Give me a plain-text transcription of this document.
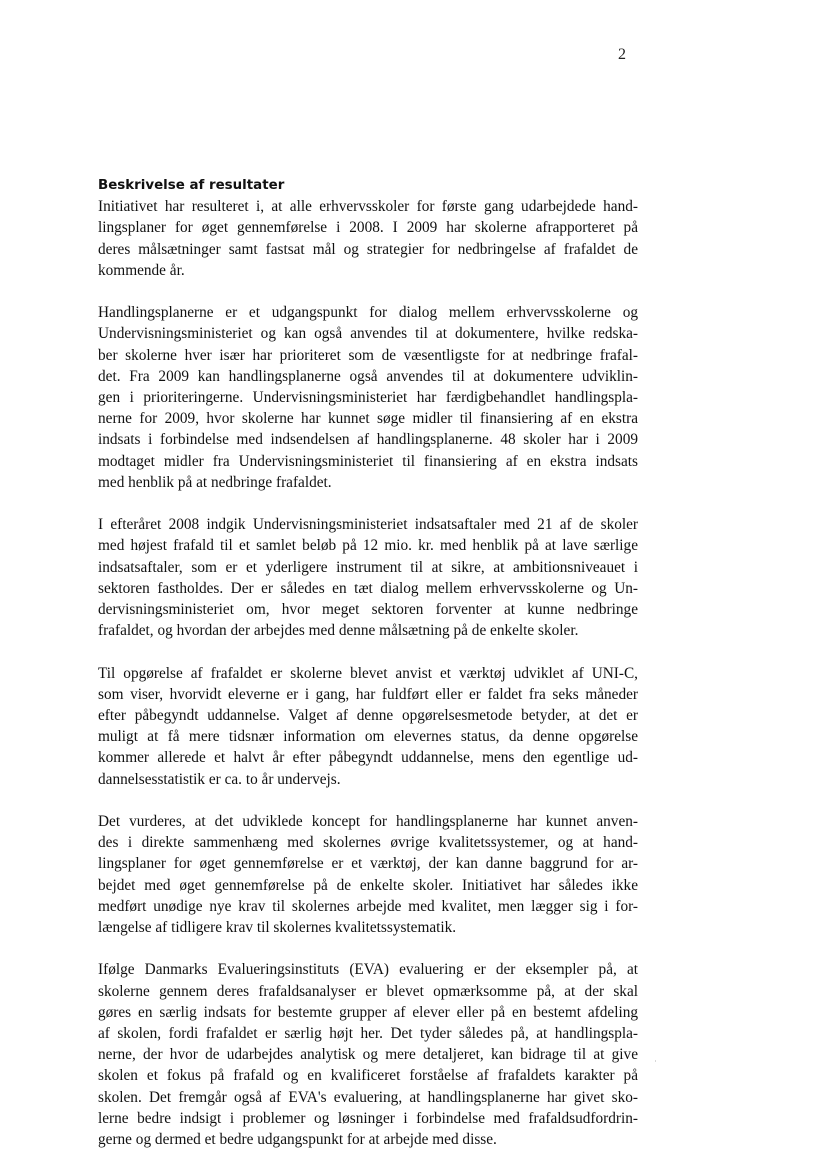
2
Beskrivelse af resultater
Initiativet har resulteret i, at alle erhvervsskoler for første gang udarbejdede hand-
lingsplaner for øget gennemførelse i 2008. I 2009 har skolerne afrapporteret på
deres målsætninger samt fastsat mål og strategier for nedbringelse af frafaldet de
kommende år.
Handlingsplanerne er et udgangspunkt for dialog mellem erhvervsskolerne og
Undervisningsministeriet og kan også anvendes til at dokumentere, hvilke redska-
ber skolerne hver især har prioriteret som de væsentligste for at nedbringe frafal-
det. Fra 2009 kan handlingsplanerne også anvendes til at dokumentere udviklin-
gen i prioriteringerne. Undervisningsministeriet har færdigbehandlet handlingspla-
nerne for 2009, hvor skolerne har kunnet søge midler til finansiering af en ekstra
indsats i forbindelse med indsendelsen af handlingsplanerne. 48 skoler har i 2009
modtaget midler fra Undervisningsministeriet til finansiering af en ekstra indsats
med henblik på at nedbringe frafaldet.
I efteråret 2008 indgik Undervisningsministeriet indsatsaftaler med 21 af de skoler
med højest frafald til et samlet beløb på 12 mio. kr. med henblik på at lave særlige
indsatsaftaler, som er et yderligere instrument til at sikre, at ambitionsniveauet i
sektoren fastholdes. Der er således en tæt dialog mellem erhvervsskolerne og Un-
dervisningsministeriet om, hvor meget sektoren forventer at kunne nedbringe
frafaldet, og hvordan der arbejdes med denne målsætning på de enkelte skoler.
Til opgørelse af frafaldet er skolerne blevet anvist et værktøj udviklet af UNI-C,
som viser, hvorvidt eleverne er i gang, har fuldført eller er faldet fra seks måneder
efter påbegyndt uddannelse. Valget af denne opgørelsesmetode betyder, at det er
muligt at få mere tidsnær information om elevernes status, da denne opgørelse
kommer allerede et halvt år efter påbegyndt uddannelse, mens den egentlige ud-
dannelsesstatistik er ca. to år undervejs.
Det vurderes, at det udviklede koncept for handlingsplanerne har kunnet anven-
des i direkte sammenhæng med skolernes øvrige kvalitetssystemer, og at hand-
lingsplaner for øget gennemførelse er et værktøj, der kan danne baggrund for ar-
bejdet med øget gennemførelse på de enkelte skoler. Initiativet har således ikke
medført unødige nye krav til skolernes arbejde med kvalitet, men lægger sig i for-
længelse af tidligere krav til skolernes kvalitetssystematik.
Ifølge Danmarks Evalueringsinstituts (EVA) evaluering er der eksempler på, at
skolerne gennem deres frafaldsanalyser er blevet opmærksomme på, at der skal
gøres en særlig indsats for bestemte grupper af elever eller på en bestemt afdeling
af skolen, fordi frafaldet er særlig højt her. Det tyder således på, at handlingspla-
nerne, der hvor de udarbejdes analytisk og mere detaljeret, kan bidrage til at give
skolen et fokus på frafald og en kvalificeret forståelse af frafaldets karakter på
skolen. Det fremgår også af EVA's evaluering, at handlingsplanerne har givet sko-
lerne bedre indsigt i problemer og løsninger i forbindelse med frafaldsudfordrin-
gerne og dermed et bedre udgangspunkt for at arbejde med disse.
